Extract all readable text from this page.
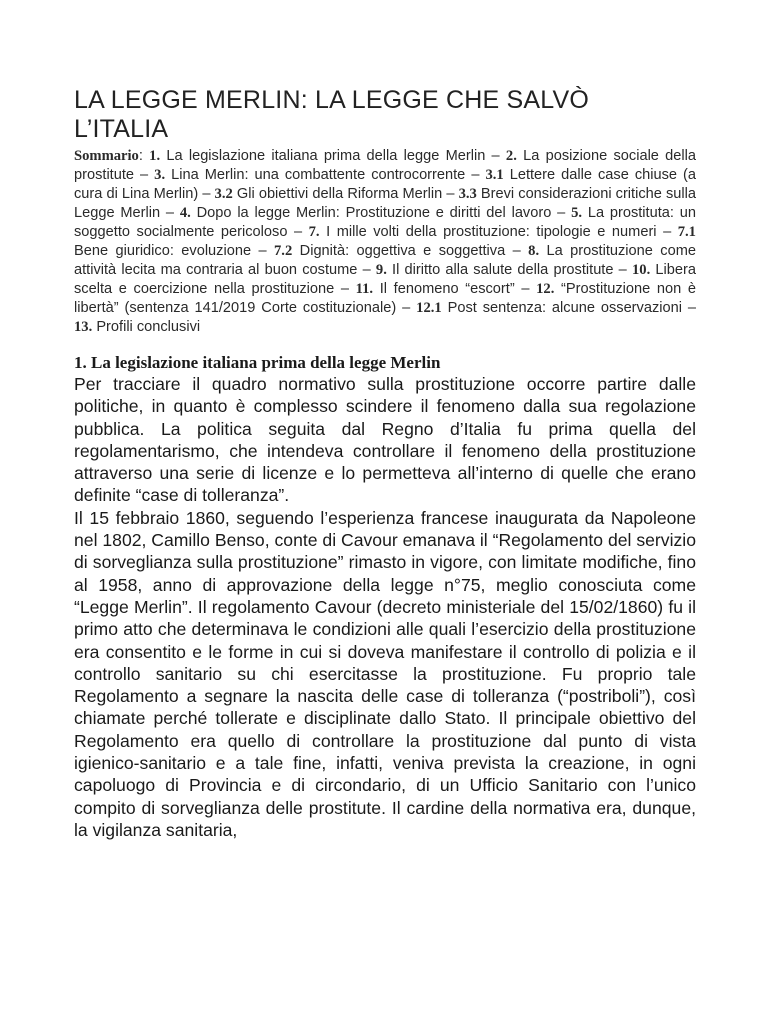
LA LEGGE MERLIN: LA LEGGE CHE SALVÒ
L’ITALIA
Sommario: 1. La legislazione italiana prima della legge Merlin – 2. La posizione sociale della prostitute – 3. Lina Merlin: una combattente controcorrente – 3.1 Lettere dalle case chiuse (a cura di Lina Merlin) – 3.2 Gli obiettivi della Riforma Merlin – 3.3 Brevi considerazioni critiche sulla Legge Merlin – 4. Dopo la legge Merlin: Prostituzione e diritti del lavoro – 5. La prostituta: un soggetto socialmente pericoloso – 7. I mille volti della prostituzione: tipologie e numeri – 7.1 Bene giuridico: evoluzione – 7.2 Dignità: oggettiva e soggettiva – 8. La prostituzione come attività lecita ma contraria al buon costume – 9. Il diritto alla salute della prostitute – 10. Libera scelta e coercizione nella prostituzione – 11. Il fenomeno “escort” – 12. “Prostituzione non è libertà” (sentenza 141/2019 Corte costituzionale) – 12.1 Post sentenza: alcune osservazioni – 13. Profili conclusivi
1. La legislazione italiana prima della legge Merlin

Per tracciare il quadro normativo sulla prostituzione occorre partire dalle politiche, in quanto è complesso scindere il fenomeno dalla sua regolazione pubblica. La politica seguita dal Regno d’Italia fu prima quella del regolamentarismo, che intendeva controllare il fenomeno della prostituzione attraverso una serie di licenze e lo permetteva all’interno di quelle che erano definite “case di tolleranza”.

Il 15 febbraio 1860, seguendo l’esperienza francese inaugurata da Napoleone nel 1802, Camillo Benso, conte di Cavour emanava il “Regolamento del servizio di sorveglianza sulla prostituzione” rimasto in vigore, con limitate modifiche, fino al 1958, anno di approvazione della legge n°75, meglio conosciuta come “Legge Merlin”. Il regolamento Cavour (decreto ministeriale del 15/02/1860) fu il primo atto che determinava le condizioni alle quali l’esercizio della prostituzione era consentito e le forme in cui si doveva manifestare il controllo di polizia e il controllo sanitario su chi esercitasse la prostituzione. Fu proprio tale Regolamento a segnare la nascita delle case di tolleranza (“postriboli”), così chiamate perché tollerate e disciplinate dallo Stato. Il principale obiettivo del Regolamento era quello di controllare la prostituzione dal punto di vista igienico-sanitario e a tale fine, infatti, veniva prevista la creazione, in ogni capoluogo di Provincia e di circondario, di un Ufficio Sanitario con l’unico compito di sorveglianza delle prostitute. Il cardine della normativa era, dunque, la vigilanza sanitaria,
